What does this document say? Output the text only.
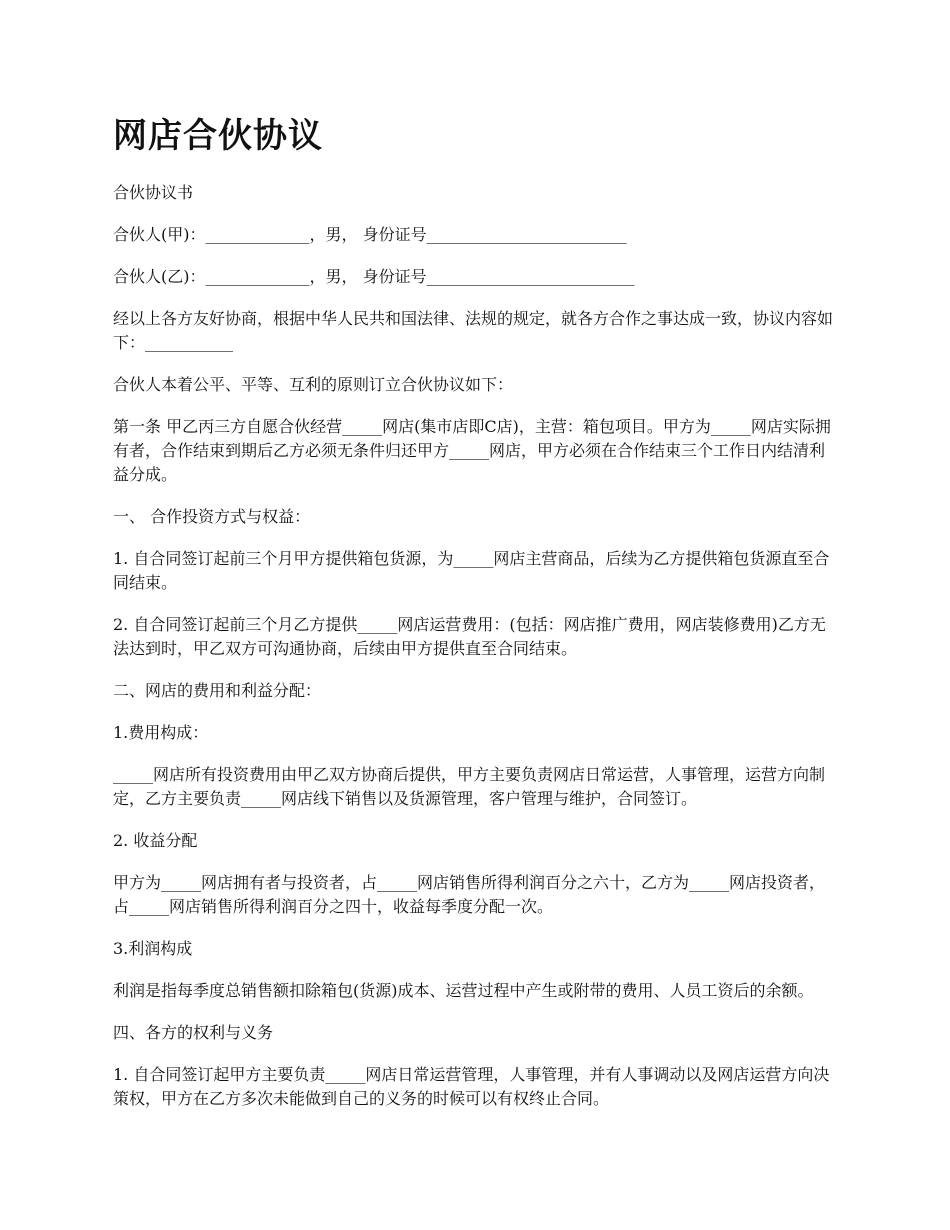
网店合伙协议

合伙协议书

合伙人(甲)：_____________，男， 身份证号_________________________

合伙人(乙)：_____________，男， 身份证号__________________________

经以上各方友好协商，根据中华人民共和国法律、法规的规定，就各方合作之事达成一致，协议内容如下：___________

合伙人本着公平、平等、互利的原则订立合伙协议如下：

第一条 甲乙丙三方自愿合伙经营_____网店(集市店即C店)，主营：箱包项目。甲方为_____网店实际拥有者，合作结束到期后乙方必须无条件归还甲方_____网店，甲方必须在合作结束三个工作日内结清利益分成。

一、 合作投资方式与权益：

1. 自合同签订起前三个月甲方提供箱包货源，为_____网店主营商品，后续为乙方提供箱包货源直至合同结束。

2. 自合同签订起前三个月乙方提供_____网店运营费用：(包括：网店推广费用，网店装修费用)乙方无法达到时，甲乙双方可沟通协商，后续由甲方提供直至合同结束。

二、网店的费用和利益分配：

1.费用构成：

_____网店所有投资费用由甲乙双方协商后提供，甲方主要负责网店日常运营，人事管理，运营方向制定，乙方主要负责_____网店线下销售以及货源管理，客户管理与维护，合同签订。

2. 收益分配

甲方为_____网店拥有者与投资者，占_____网店销售所得利润百分之六十，乙方为_____网店投资者，占_____网店销售所得利润百分之四十，收益每季度分配一次。

3.利润构成

利润是指每季度总销售额扣除箱包(货源)成本、运营过程中产生或附带的费用、人员工资后的余额。

四、各方的权利与义务

1. 自合同签订起甲方主要负责_____网店日常运营管理，人事管理，并有人事调动以及网店运营方向决策权，甲方在乙方多次未能做到自己的义务的时候可以有权终止合同。
